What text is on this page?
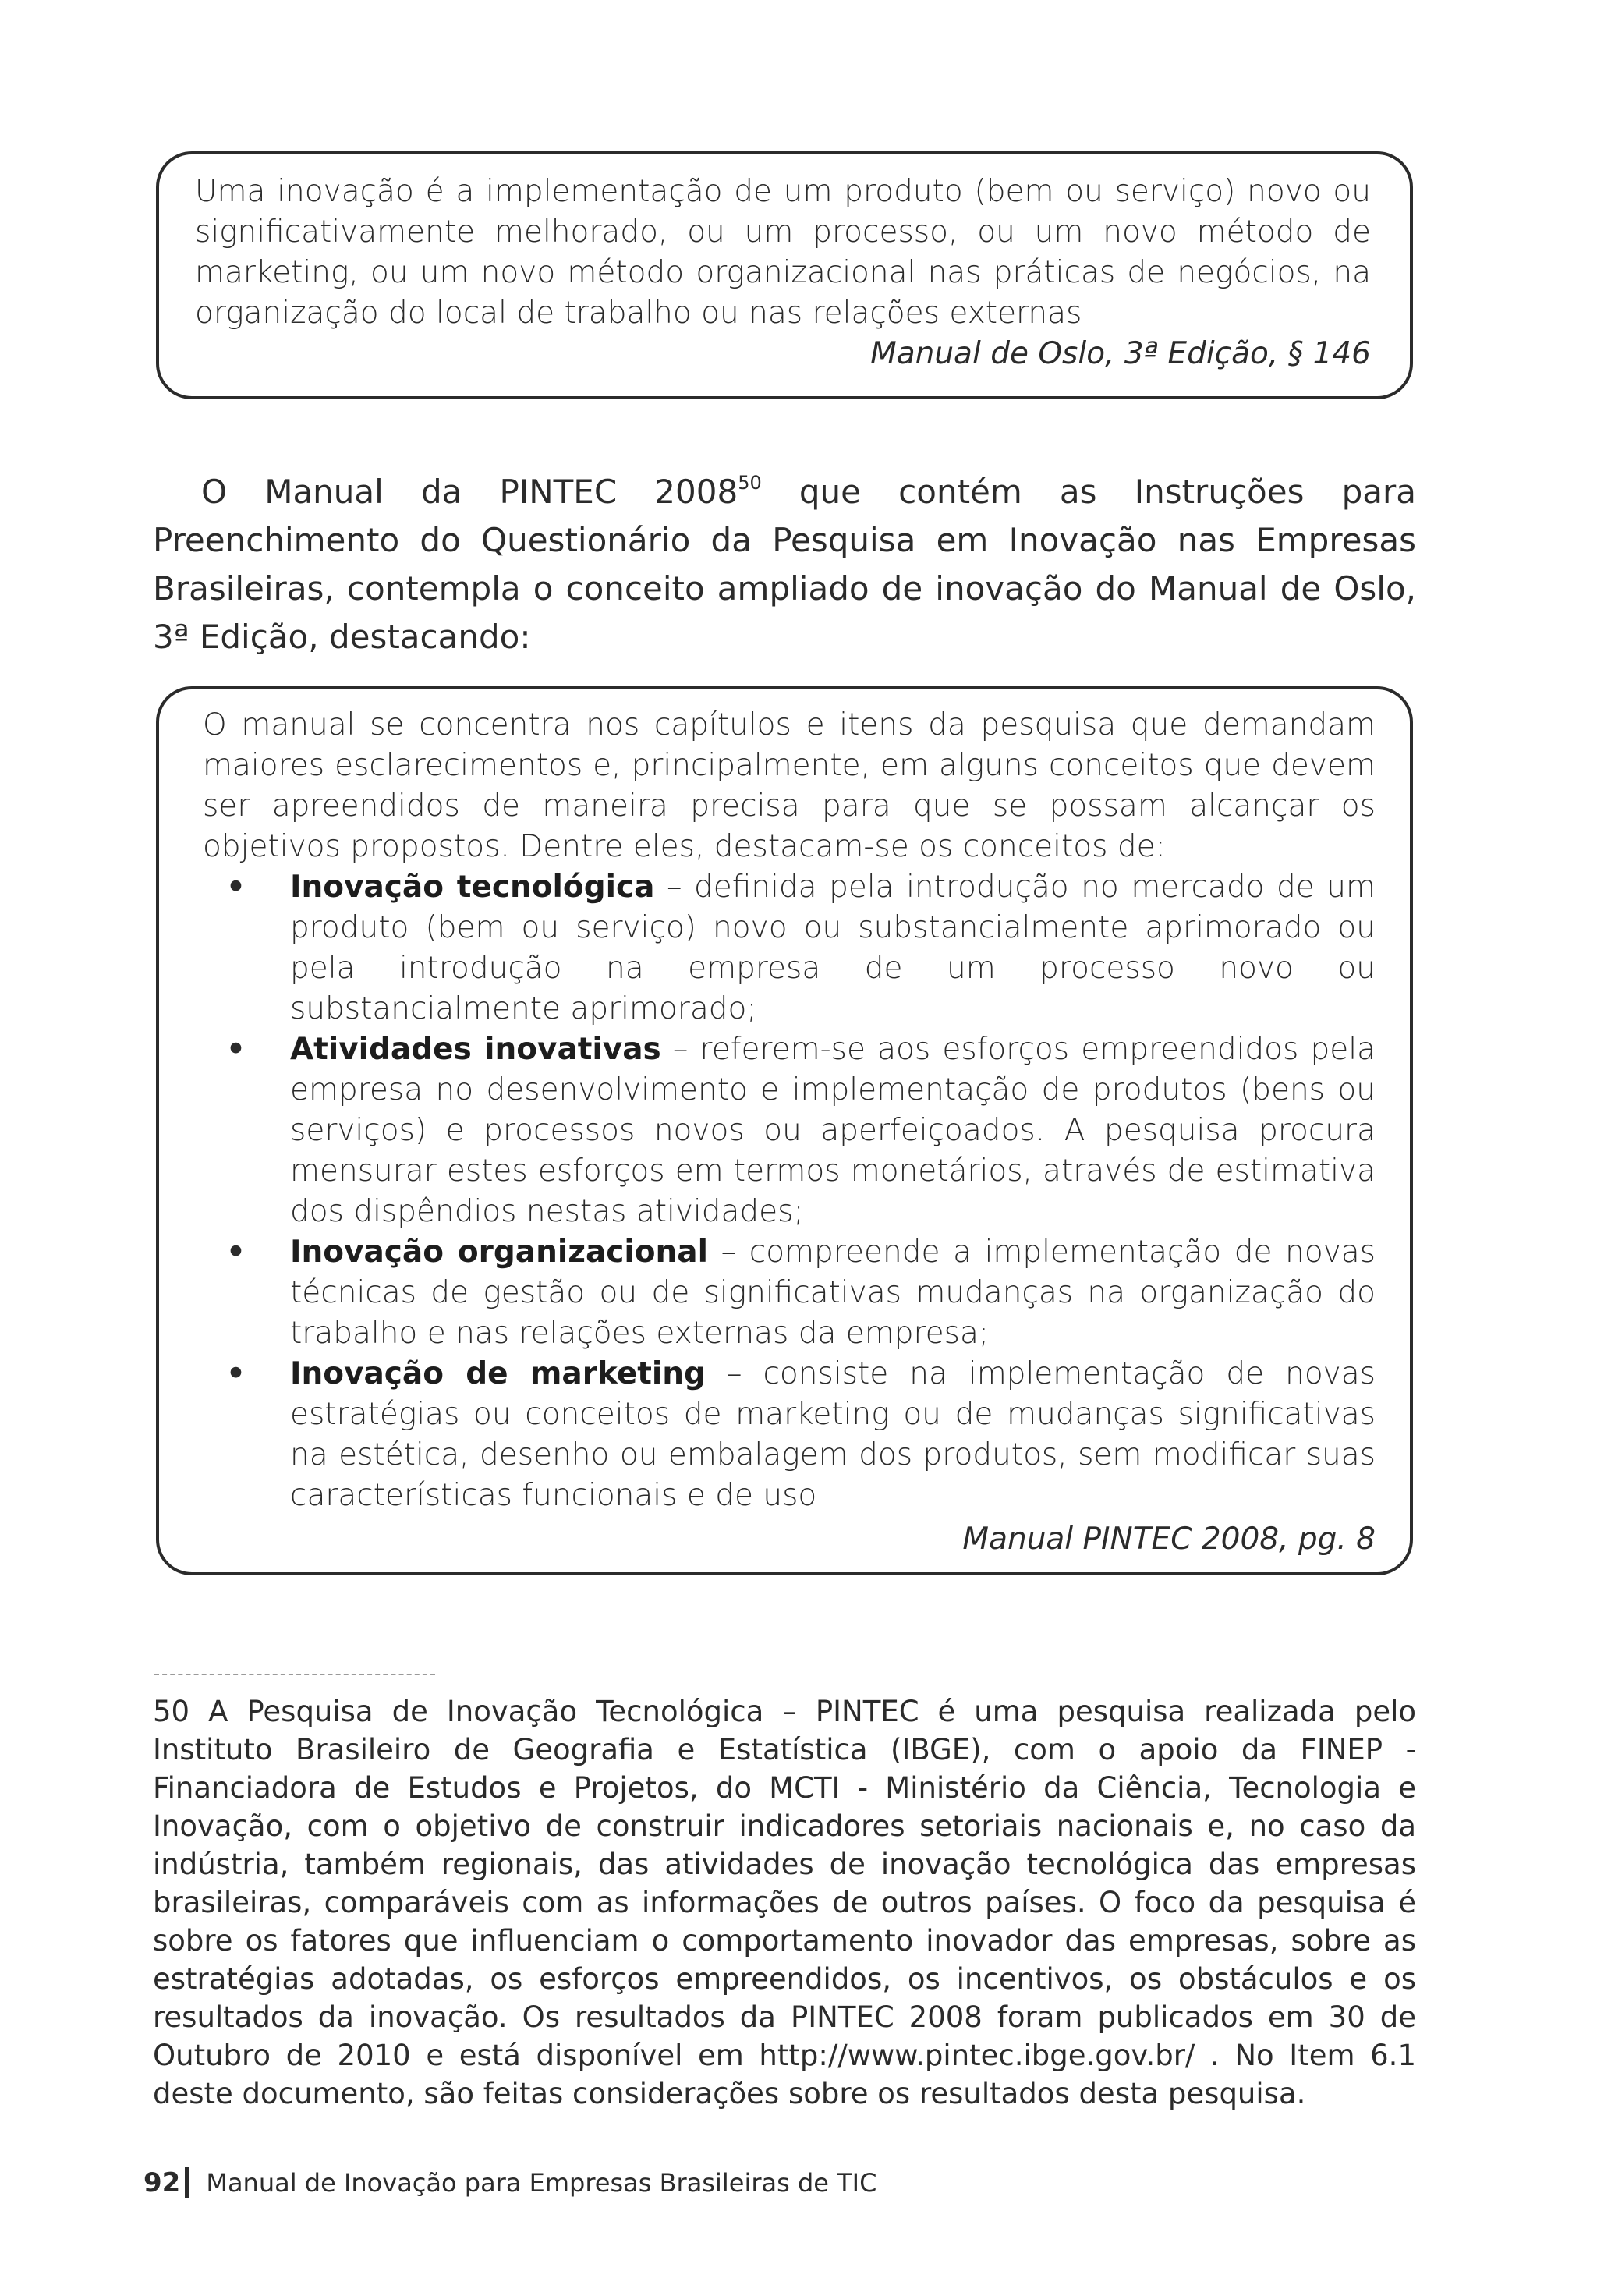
Uma inovação é a implementação de um produto (bem ou serviço) novo ou significativamente melhorado, ou um processo, ou um novo método de marketing, ou um novo método organizacional nas práticas de negócios, na organização do local de trabalho ou nas relações externas

Manual de Oslo, 3ª Edição, § 146

O Manual da PINTEC 2008$^{50}$ que contém as Instruções para Preenchimento do Questionário da Pesquisa em Inovação nas Empresas Brasileiras, contempla o conceito ampliado de inovação do Manual de Oslo, 3ª Edição, destacando:

O manual se concentra nos capítulos e itens da pesquisa que demandam maiores esclarecimentos e, principalmente, em alguns conceitos que devem ser apreendidos de maneira precisa para que se possam alcançar os objetivos propostos. Dentre eles, destacam-se os conceitos de:

• Inovação tecnológica – definida pela introdução no mercado de um produto (bem ou serviço) novo ou substancialmente aprimorado ou pela introdução na empresa de um processo novo ou substancialmente aprimorado;
• Atividades inovativas – referem-se aos esforços empreendidos pela empresa no desenvolvimento e implementação de produtos (bens ou serviços) e processos novos ou aperfeiçoados. A pesquisa procura mensurar estes esforços em termos monetários, através de estimativa dos dispêndios nestas atividades;
• Inovação organizacional – compreende a implementação de novas técnicas de gestão ou de significativas mudanças na organização do trabalho e nas relações externas da empresa;
• Inovação de marketing – consiste na implementação de novas estratégias ou conceitos de marketing ou de mudanças significativas na estética, desenho ou embalagem dos produtos, sem modificar suas características funcionais e de uso

Manual PINTEC 2008, pg. 8

50 A Pesquisa de Inovação Tecnológica – PINTEC é uma pesquisa realizada pelo Instituto Brasileiro de Geografia e Estatística (IBGE), com o apoio da FINEP - Financiadora de Estudos e Projetos, do MCTI - Ministério da Ciência, Tecnologia e Inovação, com o objetivo de construir indicadores setoriais nacionais e, no caso da indústria, também regionais, das atividades de inovação tecnológica das empresas brasileiras, comparáveis com as informações de outros países. O foco da pesquisa é sobre os fatores que influenciam o comportamento inovador das empresas, sobre as estratégias adotadas, os esforços empreendidos, os incentivos, os obstáculos e os resultados da inovação. Os resultados da PINTEC 2008 foram publicados em 30 de Outubro de 2010 e está disponível em http://www.pintec.ibge.gov.br/ . No Item 6.1 deste documento, são feitas considerações sobre os resultados desta pesquisa.

92 Manual de Inovação para Empresas Brasileiras de TIC
